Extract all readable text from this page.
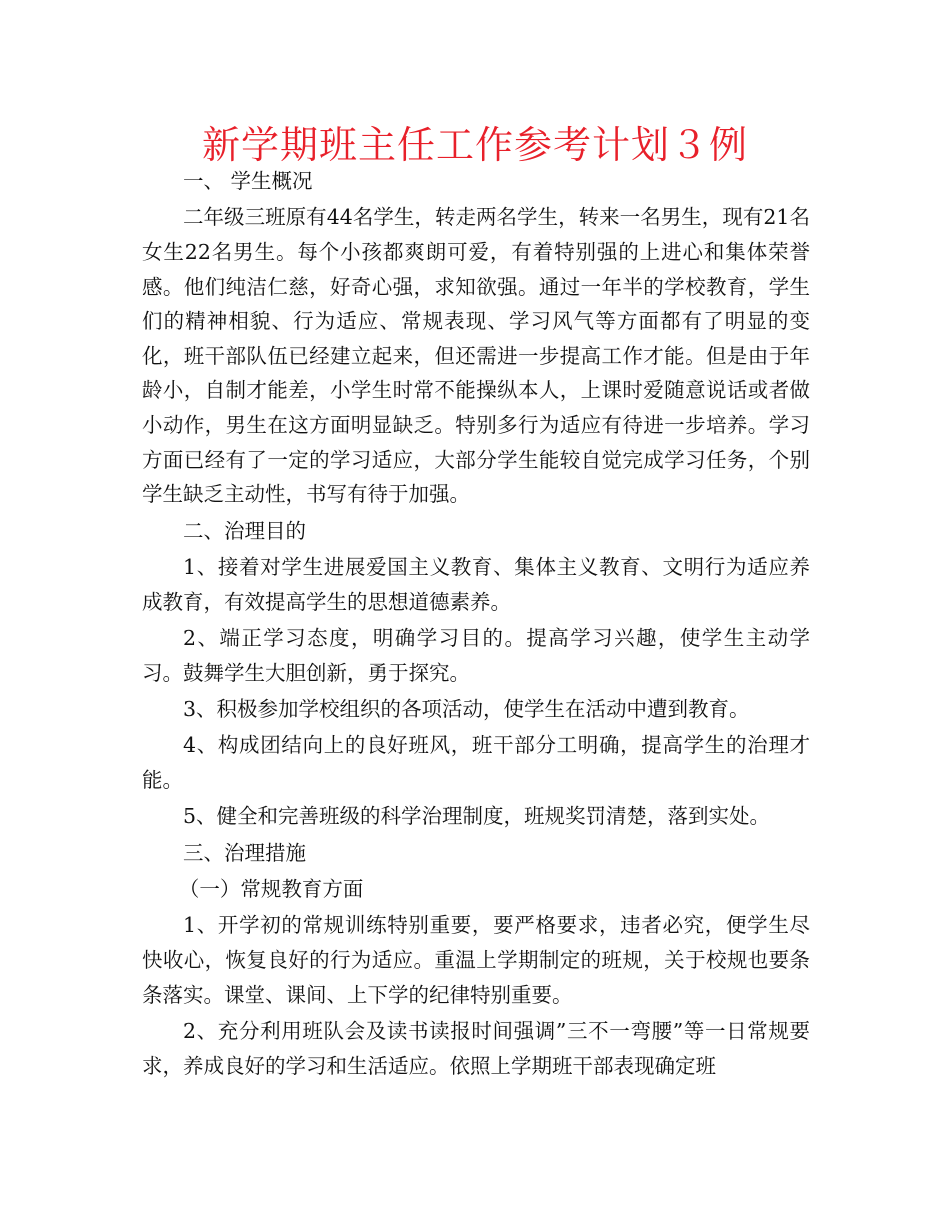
新学期班主任工作参考计划３例

一、 学生概况

二年级三班原有44名学生，转走两名学生，转来一名男生，现有21名女生22名男生。每个小孩都爽朗可爱，有着特别强的上进心和集体荣誉感。他们纯洁仁慈，好奇心强，求知欲强。通过一年半的学校教育，学生们的精神相貌、行为适应、常规表现、学习风气等方面都有了明显的变化，班干部队伍已经建立起来，但还需进一步提高工作才能。但是由于年龄小，自制才能差，小学生时常不能操纵本人，上课时爱随意说话或者做小动作，男生在这方面明显缺乏。特别多行为适应有待进一步培养。学习方面已经有了一定的学习适应，大部分学生能较自觉完成学习任务，个别学生缺乏主动性，书写有待于加强。

二、治理目的

1、接着对学生进展爱国主义教育、集体主义教育、文明行为适应养成教育，有效提高学生的思想道德素养。

2、端正学习态度，明确学习目的。提高学习兴趣，使学生主动学习。鼓舞学生大胆创新，勇于探究。

3、积极参加学校组织的各项活动，使学生在活动中遭到教育。

4、构成团结向上的良好班风，班干部分工明确，提高学生的治理才能。

5、健全和完善班级的科学治理制度，班规奖罚清楚，落到实处。

三、治理措施

（一）常规教育方面

1、开学初的常规训练特别重要，要严格要求，违者必究，便学生尽快收心，恢复良好的行为适应。重温上学期制定的班规，关于校规也要条条落实。课堂、课间、上下学的纪律特别重要。

2、充分利用班队会及读书读报时间强调”三不一弯腰”等一日常规要求，养成良好的学习和生活适应。依照上学期班干部表现确定班
